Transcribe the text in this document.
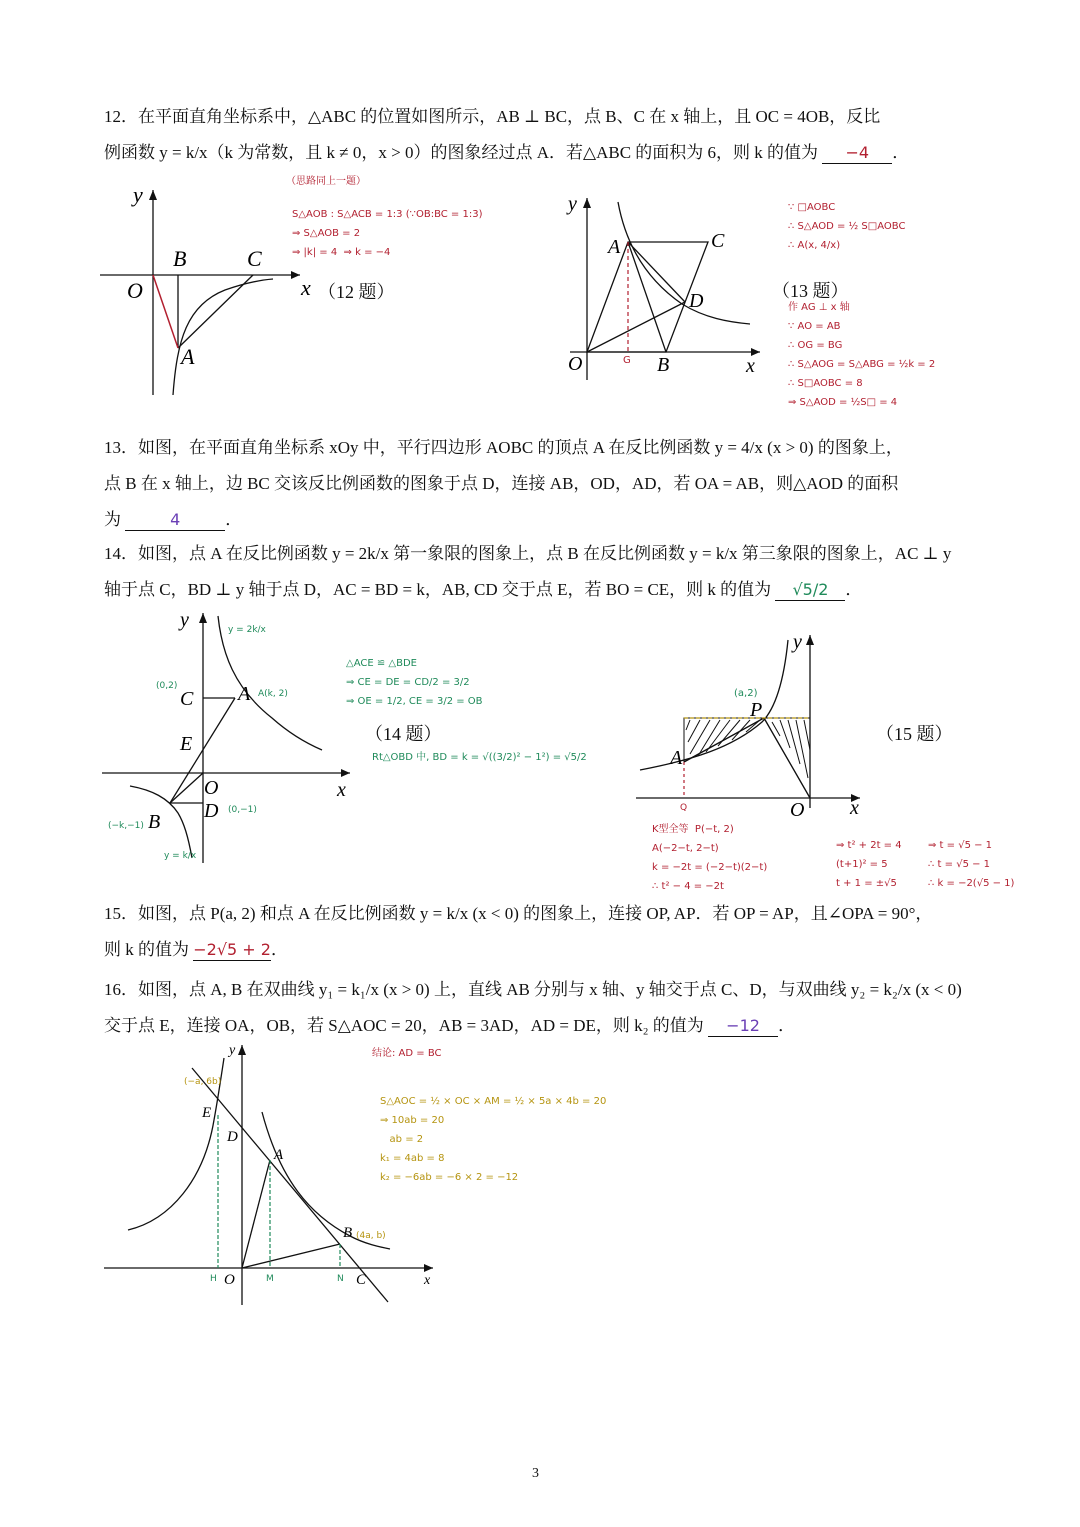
12．在平面直角坐标系中，△ABC 的位置如图所示，AB ⊥ BC，点 B、C 在 x 轴上，且 OC = 4OB，反比

例函数 y = k/x（k 为常数，且 k ≠ 0，x > 0）的图象经过点 A．若△ABC 的面积为 6，则 k 的值为 −4 ．

y
x
O
B	C
A
（12 题）
（思路同上一题）
S△AOB : S△ACB = 1:3 (∵OB:BC = 1:3)
⇒ S△AOB = 2
⇒ |k| = 4  ⇒ k = −4
y
x
O
A	C
D
B
G
（13 题）
∵ □AOBC
∴ S△AOD = ½ S□AOBC
∴ A(x, 4/x)
作 AG ⊥ x 轴
∵ AO = AB
∴ OG = BG
∴ S△AOG = S△ABG = ½k = 2
∴ S□AOBC = 8
⇒ S△AOD = ½S□ = 4

13．如图，在平面直角坐标系 xOy 中，平行四边形 AOBC 的顶点 A 在反比例函数 y = 4/x (x > 0) 的图象上，

点 B 在 x 轴上，边 BC 交该反比例函数的图象于点 D，连接 AB，OD，AD，若 OA = AB，则△AOD 的面积

为	4	．

14．如图，点 A 在反比例函数 y = 2k/x 第一象限的图象上，点 B 在反比例函数 y = k/x 第三象限的图象上，AC ⊥ y

轴于点 C，BD ⊥ y 轴于点 D，AC = BD = k，AB, CD 交于点 E，若 BO = CE，则 k 的值为 √5/2 ．

y
x
O
A
C
E
D
B
y = 2k/x
y = k/x
A(k, 2)
(0,2)
(0,−1)
(−k,−1)
（14 题）
△ACE ≌ △BDE
⇒ CE = DE = CD/2 = 3/2
⇒ OE = 1/2, CE = 3/2 = OB
Rt△OBD 中, BD = k = √((3/2)² − 1²) = √5/2
y
x
O
P
A
(a,2)
Q
（15 题）
K型全等  P(−t, 2)
A(−2−t, 2−t)
k = −2t = (−2−t)(2−t)
∴ t² − 4 = −2t
⇒ t² + 2t = 4
(t+1)² = 5
t + 1 = ±√5
⇒ t = √5 − 1
∴ t = √5 − 1
∴ k = −2(√5 − 1)

15．如图，点 P(a, 2) 和点 A 在反比例函数 y = k/x (x < 0) 的图象上，连接 OP, AP．若 OP = AP，且∠OPA = 90°，

则 k 的值为 −2√5 + 2．

16．如图，点 A, B 在双曲线 y₁ = k₁/x (x > 0) 上，直线 AB 分别与 x 轴、y 轴交于点 C、D，与双曲线 y₂ = k₂/x (x < 0)

交于点 E，连接 OA，OB，若 S△AOC = 20，AB = 3AD，AD = DE，则 k₂ 的值为 −12 ．

y
x
O
E
D
A
B
C
H	M	N
(−a, 6b)
(4a, b)
结论: AD = BC
S△AOC = ½ × OC × AM = ½ × 5a × 4b = 20
⇒ 10ab = 20
ab = 2
k₁ = 4ab = 8
k₂ = −6ab = −6 × 2 = −12
3
